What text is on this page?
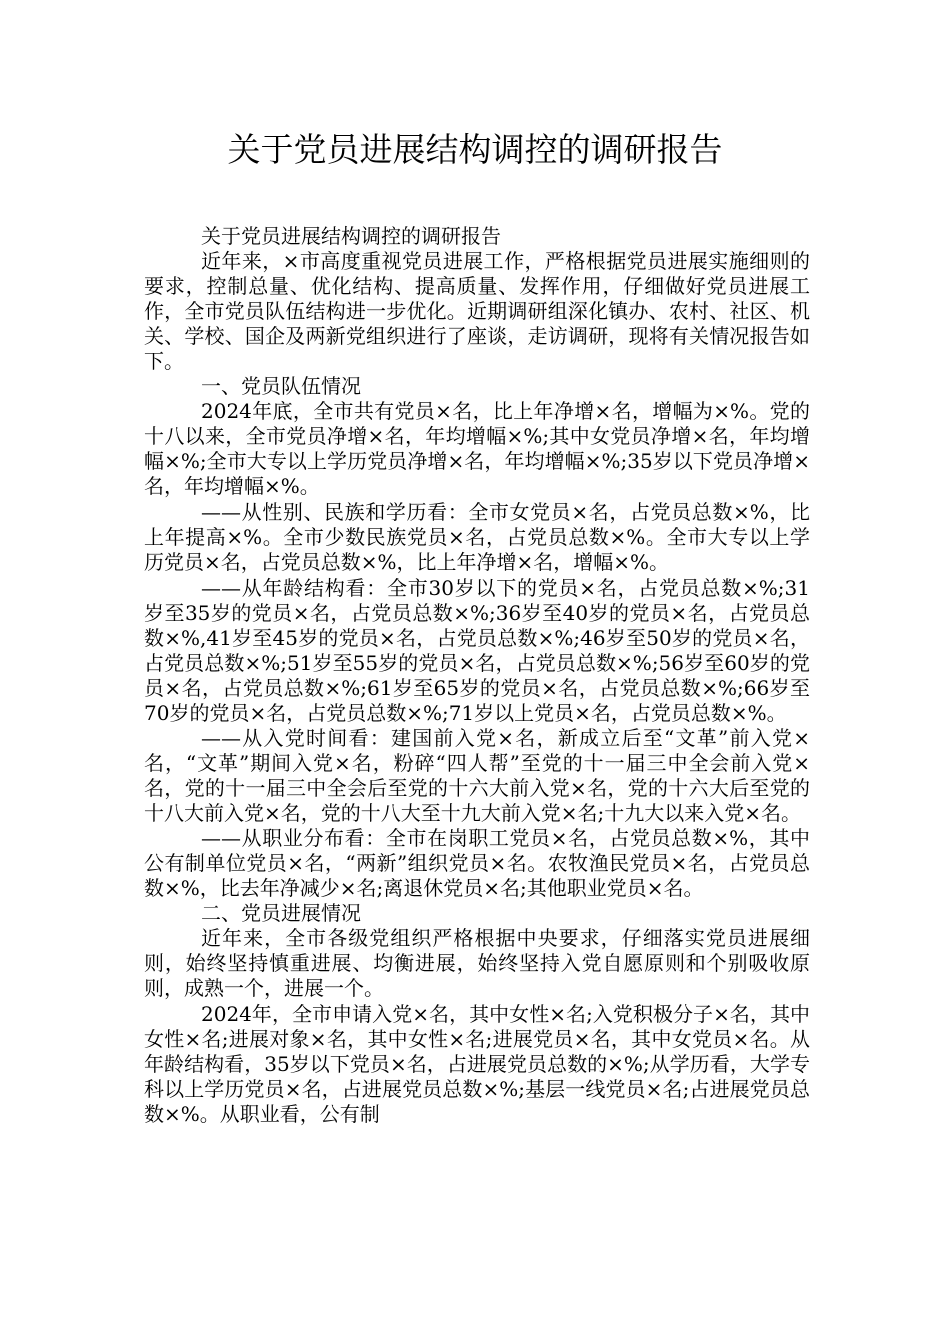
关于党员进展结构调控的调研报告

关于党员进展结构调控的调研报告

近年来，×市高度重视党员进展工作，严格根据党员进展实施细则的要求，控制总量、优化结构、提高质量、发挥作用，仔细做好党员进展工作，全市党员队伍结构进一步优化。近期调研组深化镇办、农村、社区、机关、学校、国企及两新党组织进行了座谈，走访调研，现将有关情况报告如下。

一、党员队伍情况

2024年底，全市共有党员×名，比上年净增×名，增幅为×%。党的十八以来，全市党员净增×名，年均增幅×%;其中女党员净增×名，年均增幅×%;全市大专以上学历党员净增×名，年均增幅×%;35岁以下党员净增×名，年均增幅×%。

——从性别、民族和学历看：全市女党员×名，占党员总数×%，比上年提高×%。全市少数民族党员×名，占党员总数×%。全市大专以上学历党员×名，占党员总数×%，比上年净增×名，增幅×%。

——从年龄结构看：全市30岁以下的党员×名，占党员总数×%;31岁至35岁的党员×名，占党员总数×%;36岁至40岁的党员×名，占党员总数×%,41岁至45岁的党员×名，占党员总数×%;46岁至50岁的党员×名，占党员总数×%;51岁至55岁的党员×名，占党员总数×%;56岁至60岁的党员×名，占党员总数×%;61岁至65岁的党员×名，占党员总数×%;66岁至70岁的党员×名，占党员总数×%;71岁以上党员×名，占党员总数×%。

——从入党时间看：建国前入党×名，新成立后至“文革”前入党×名，“文革”期间入党×名，粉碎“四人帮”至党的十一届三中全会前入党×名，党的十一届三中全会后至党的十六大前入党×名，党的十六大后至党的十八大前入党×名，党的十八大至十九大前入党×名;十九大以来入党×名。

——从职业分布看：全市在岗职工党员×名，占党员总数×%，其中公有制单位党员×名，“两新”组织党员×名。农牧渔民党员×名，占党员总数×%，比去年净减少×名;离退休党员×名;其他职业党员×名。

二、党员进展情况

近年来，全市各级党组织严格根据中央要求，仔细落实党员进展细则，始终坚持慎重进展、均衡进展，始终坚持入党自愿原则和个别吸收原则，成熟一个，进展一个。

2024年，全市申请入党×名，其中女性×名;入党积极分子×名，其中女性×名;进展对象×名，其中女性×名;进展党员×名，其中女党员×名。从年龄结构看，35岁以下党员×名，占进展党员总数的×%;从学历看，大学专科以上学历党员×名，占进展党员总数×%;基层一线党员×名;占进展党员总数×%。从职业看，公有制
